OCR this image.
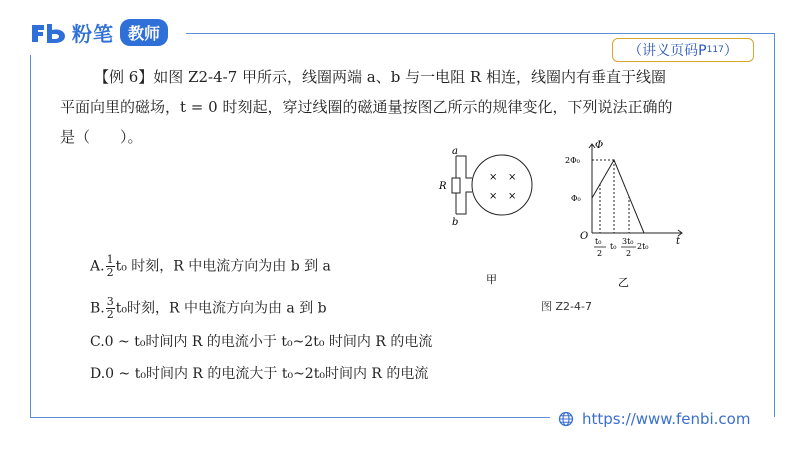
粉笔 教师
（讲义页码P 117 ）
【例 6】如图 Z2-4-7 甲所示，线圈两端 a、b 与一电阻 R 相连，线圈内有垂直于线圈
平面向里的磁场，t = 0 时刻起，穿过线圈的磁通量按图乙所示的规律变化，下列说法正确的
是（　　）。
A. $\frac{1}{2} t_0$ 时刻，R 中电流方向为由 b 到 a
B. $\frac{3}{2} t_0$时刻，R 中电流方向为由 a 到 b
C.0 ~ t₀时间内 R 的电流小于 t₀~2t₀ 时间内 R 的电流
D.0 ~ t₀时间内 R 的电流大于 t₀~2t₀时间内 R 的电流
a
b
R
× ×
× ×
甲
Φ
t
O
2Φ₀
Φ₀
t₀
2
t₀
3t₀
2
2t₀
乙
图 Z2-4-7
https://www.fenbi.com
